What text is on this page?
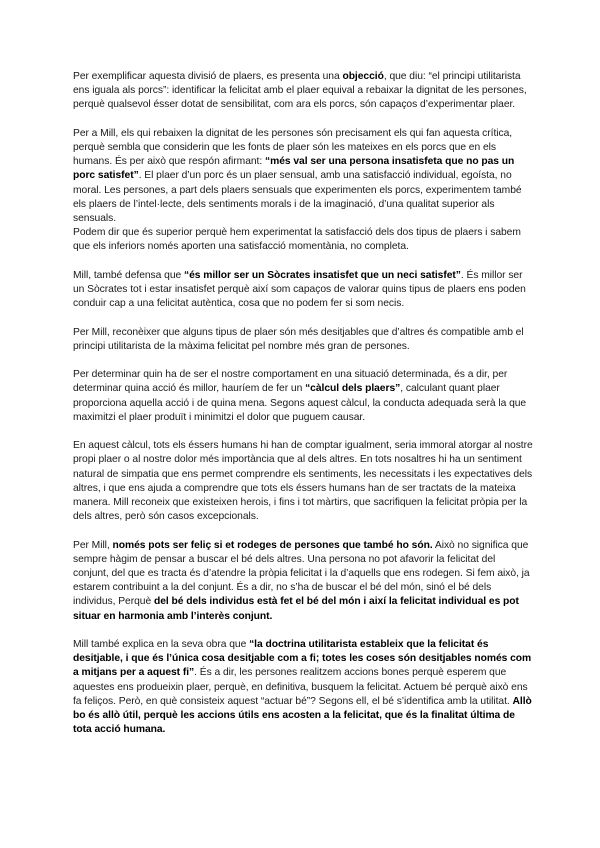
Per exemplificar aquesta divisió de plaers, es presenta una objecció, que diu: “el principi utilitarista ens iguala als porcs”: identificar la felicitat amb el plaer equival a rebaixar la dignitat de les persones, perquè qualsevol ésser dotat de sensibilitat, com ara els porcs, són capaços d’experimentar plaer.

Per a Mill, els qui rebaixen la dignitat de les persones són precisament els qui fan aquesta crítica, perquè sembla que considerin que les fonts de plaer són les mateixes en els porcs que en els humans. És per això que respón afirmant: “més val ser una persona insatisfeta que no pas un porc satisfet”. El plaer d’un porc és un plaer sensual, amb una satisfacció individual, egoísta, no moral. Les persones, a part dels plaers sensuals que experimenten els porcs, experimentem també els plaers de l’intel·lecte, dels sentiments morals i de la imaginació, d’una qualitat superior als sensuals.
Podem dir que és superior perquè hem experimentat la satisfacció dels dos tipus de plaers i sabem que els inferiors només aporten una satisfacció momentània, no completa.

Mill, també defensa que “és millor ser un Sòcrates insatisfet que un neci satisfet”. És millor ser un Sòcrates tot i estar insatisfet perquè així som capaços de valorar quins tipus de plaers ens poden conduir cap a una felicitat autèntica, cosa que no podem fer si som necis.

Per Mill, reconèixer que alguns tipus de plaer són més desitjables que d’altres és compatible amb el principi utilitarista de la màxima felicitat pel nombre més gran de persones.

Per determinar quin ha de ser el nostre comportament en una situació determinada, és a dir, per determinar quina acció és millor, hauríem de fer un “càlcul dels plaers”, calculant quant plaer proporciona aquella acció i de quina mena. Segons aquest càlcul, la conducta adequada serà la que maximitzi el plaer produït i minimitzi el dolor que puguem causar.

En aquest càlcul, tots els éssers humans hi han de comptar igualment, seria immoral atorgar al nostre propi plaer o al nostre dolor més importància que al dels altres. En tots nosaltres hi ha un sentiment natural de simpatia que ens permet comprendre els sentiments, les necessitats i les expectatives dels altres, i que ens ajuda a comprendre que tots els éssers humans han de ser tractats de la mateixa manera. Mill reconeix que existeixen herois, i fins i tot màrtirs, que sacrifiquen la felicitat pròpia per la dels altres, però són casos excepcionals.

Per Mill, només pots ser feliç si et rodeges de persones que també ho són. Això no significa que sempre hàgim de pensar a buscar el bé dels altres. Una persona no pot afavorir la felicitat del conjunt, del que es tracta és d’atendre la pròpia felicitat i la d’aquells que ens rodegen. Si fem això, ja estarem contribuint a la del conjunt. És a dir, no s’ha de buscar el bé del món, sinó el bé dels individus, Perquè del bé dels individus està fet el bé del món i així la felicitat individual es pot situar en harmonia amb l’interès conjunt.

Mill també explica en la seva obra que “la doctrina utilitarista estableix que la felicitat és desitjable, i que és l’única cosa desitjable com a fi; totes les coses són desitjables només com a mitjans per a aquest fi”. És a dir, les persones realitzem accions bones perquè esperem que aquestes ens produeixin plaer, perquè, en definitiva, busquem la felicitat. Actuem bé perquè això ens fa feliços. Però, en què consisteix aquest “actuar bé”? Segons ell, el bé s’identifica amb la utilitat. Allò bo és allò útil, perquè les accions útils ens acosten a la felicitat, que és la finalitat última de tota acció humana.
